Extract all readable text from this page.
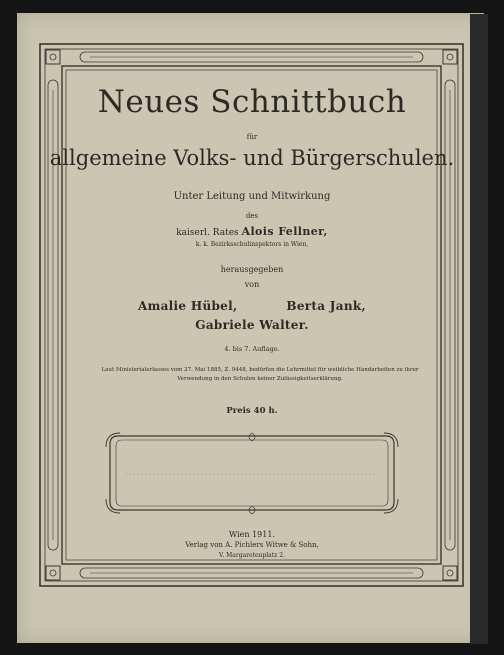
Neues Schnittbuch
für
allgemeine Volks- und Bürgerschulen.
Unter Leitung und Mitwirkung
des
kaiserl. Rates Alois Fellner,
k. k. Bezirksschulinspektors in Wien,
herausgegeben
von
Amalie Hübel,	Berta Jank,
Gabriele Walter.
4. bis 7. Auflage.
Laut Ministerialerlasses vom 27. Mai 1885, Z. 9448, bedürfen die Lehrmittel für weibliche Handarbeiten zu ihrer Verwendung in den Schulen keiner Zulässigkeitserklärung.
Preis 40 h.
Wien 1911.
Verlag von A. Pichlers Witwe & Sohn,
V. Margaretenplatz 2.
